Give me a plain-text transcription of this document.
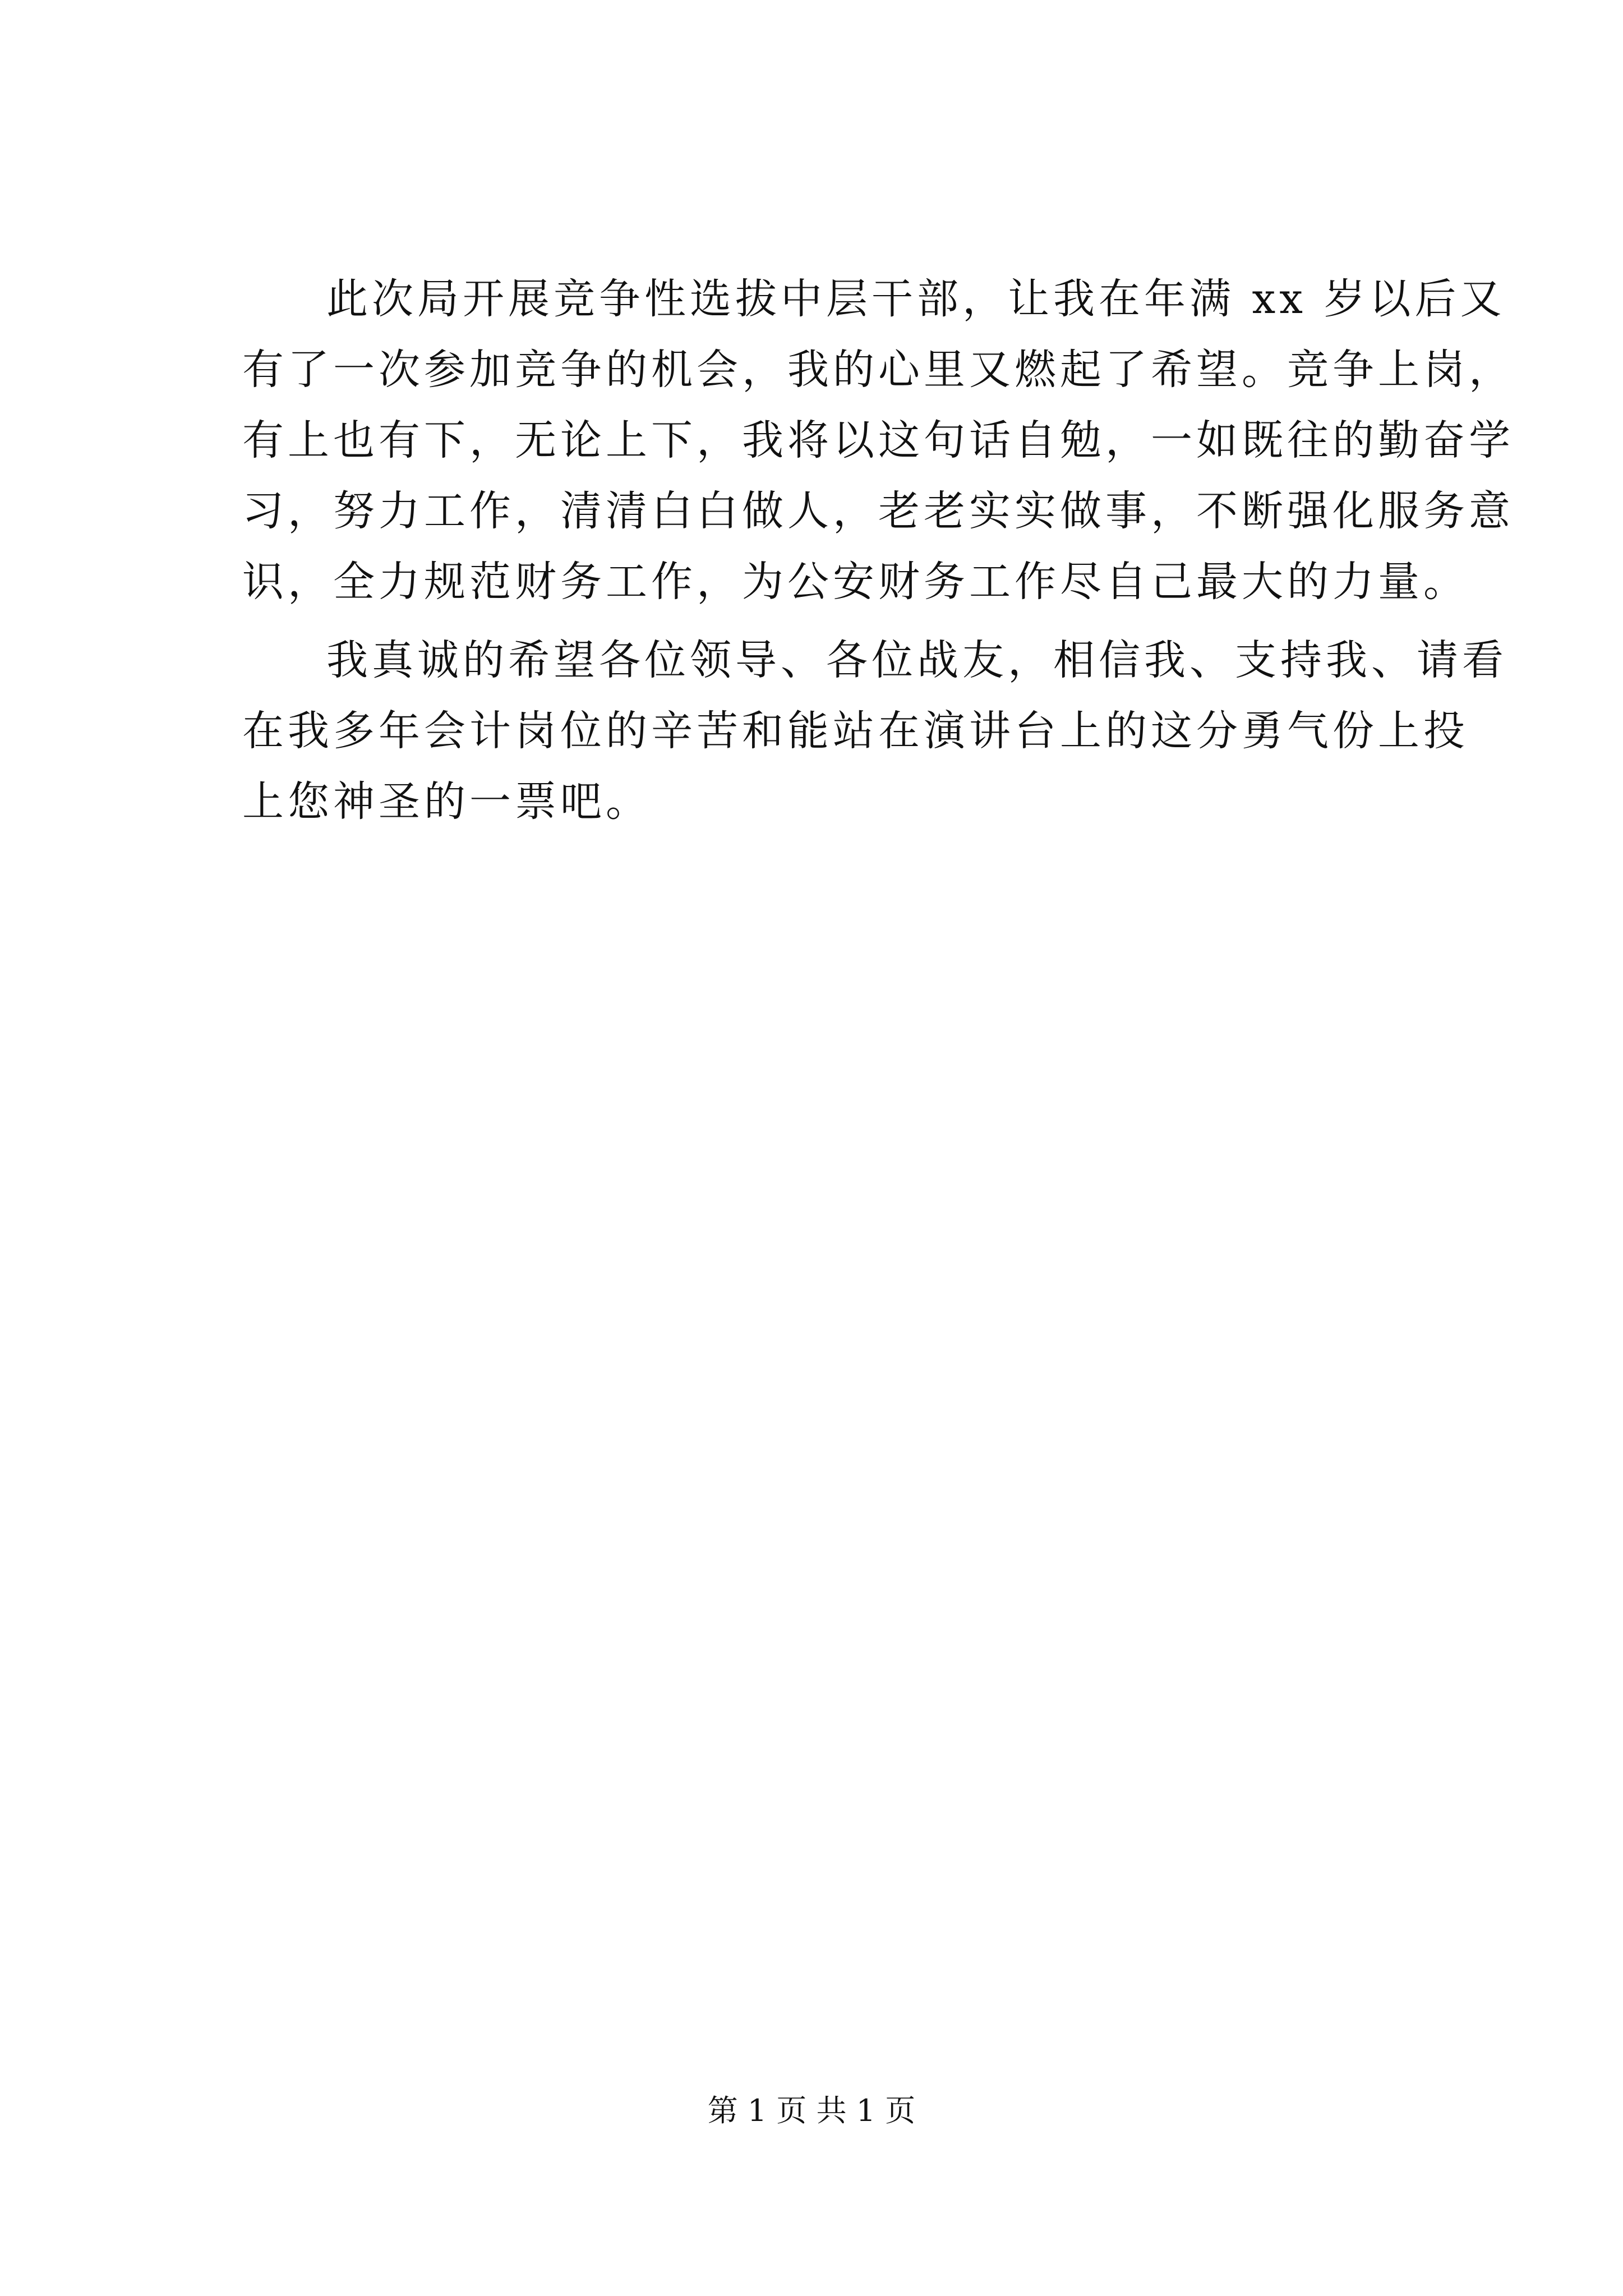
此次局开展竞争性选拔中层干部，让我在年满 xx 岁以后又
有了一次参加竞争的机会，我的心里又燃起了希望。竞争上岗，
有上也有下，无论上下，我将以这句话自勉，一如既往的勤奋学
习，努力工作，清清白白做人，老老实实做事，不断强化服务意
识，全力规范财务工作，为公安财务工作尽自己最大的力量。
我真诚的希望各位领导、各位战友，相信我、支持我、请看
在我多年会计岗位的辛苦和能站在演讲台上的这分勇气份上投
上您神圣的一票吧。
第 1 页 共 1 页
